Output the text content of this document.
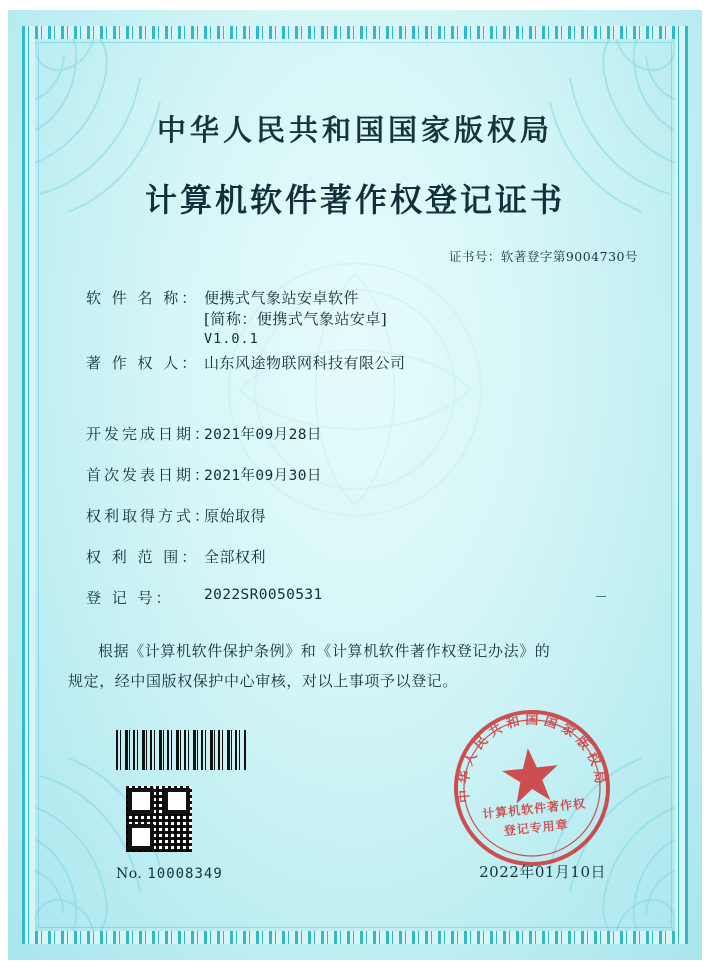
中华人民共和国国家版权局
计算机软件著作权登记证书
证书号：软著登字第9004730号
软 件 名 称： 便携式气象站安卓软件
[简称：便携式气象站安卓]
V1.0.1
著 作 权 人： 山东风途物联网科技有限公司
开发完成日期：
2021年09月28日
首次发表日期：
2021年09月30日
权利取得方式：
原始取得
权 利 范 围： 全部权利
登 记 号：	2022SR0050531

根据《计算机软件保护条例》和《计算机软件著作权登记办法》的

规定，经中国版权保护中心审核，对以上事项予以登记。

中华人民共和国国家版权局
计算机软件著作权
登记专用章
No. 10008349	2022年01月10日
